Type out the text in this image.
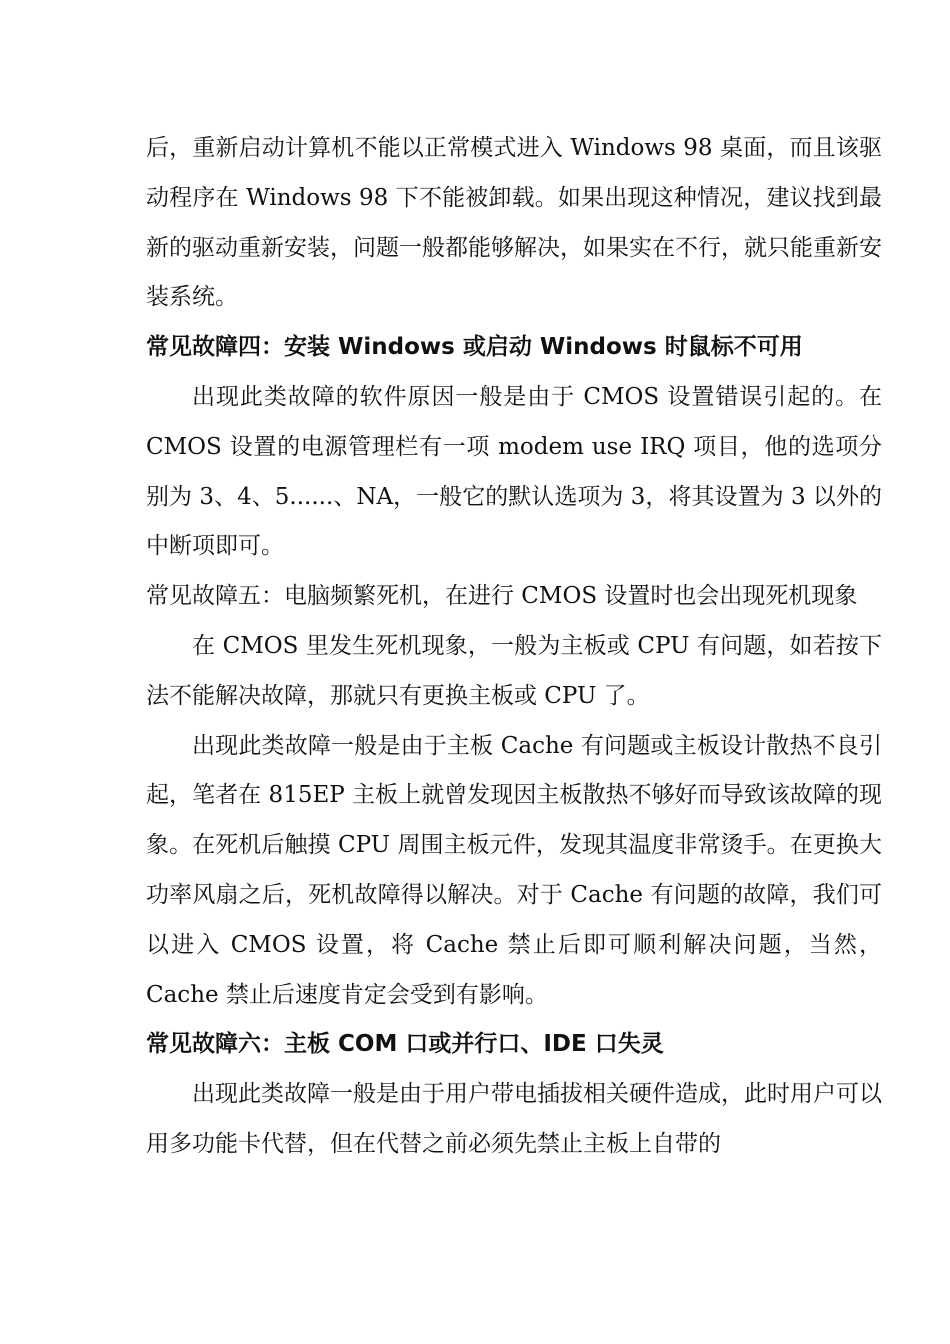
后，重新启动计算机不能以正常模式进入 Windows 98 桌面，而且该驱动程序在 Windows 98 下不能被卸载。如果出现这种情况，建议找到最新的驱动重新安装，问题一般都能够解决，如果实在不行，就只能重新安装系统。

常见故障四：安装 Windows 或启动 Windows 时鼠标不可用

出现此类故障的软件原因一般是由于 CMOS 设置错误引起的。在 CMOS 设置的电源管理栏有一项 modem use IRQ 项目，他的选项分别为 3、4、5......、NA，一般它的默认选项为 3，将其设置为 3 以外的中断项即可。

常见故障五：电脑频繁死机，在进行 CMOS 设置时也会出现死机现象

在 CMOS 里发生死机现象，一般为主板或 CPU 有问题，如若按下法不能解决故障，那就只有更换主板或 CPU 了。

出现此类故障一般是由于主板 Cache 有问题或主板设计散热不良引起，笔者在 815EP 主板上就曾发现因主板散热不够好而导致该故障的现象。在死机后触摸 CPU 周围主板元件，发现其温度非常烫手。在更换大功率风扇之后，死机故障得以解决。对于 Cache 有问题的故障，我们可以进入 CMOS 设置，将 Cache 禁止后即可顺利解决问题，当然，Cache 禁止后速度肯定会受到有影响。

常见故障六：主板 COM 口或并行口、IDE 口失灵

出现此类故障一般是由于用户带电插拔相关硬件造成，此时用户可以用多功能卡代替，但在代替之前必须先禁止主板上自带的
